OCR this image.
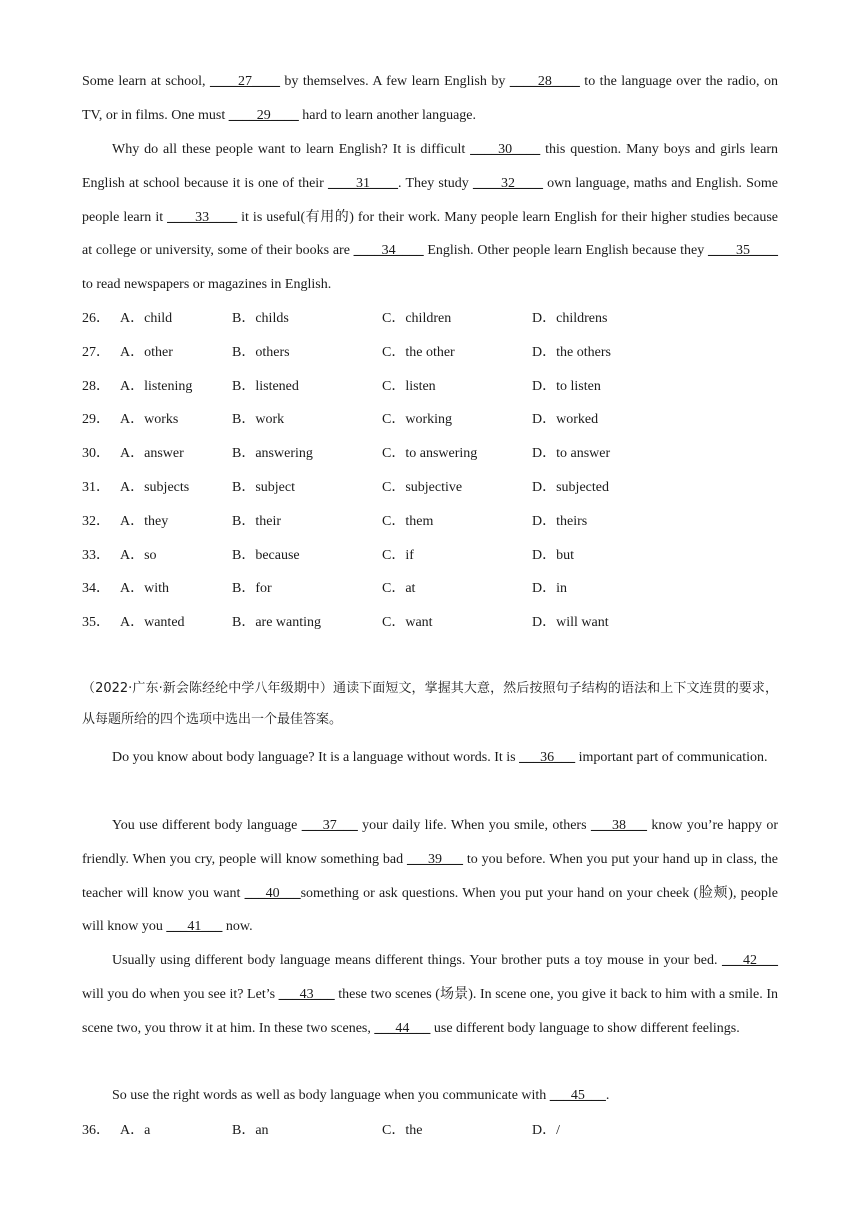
Some learn at school, ____27____ by themselves. A few learn English by ____28____ to the language over the radio, on TV, or in films. One must ____29____ hard to learn another language.

Why do all these people want to learn English? It is difficult ____30____ this question. Many boys and girls learn English at school because it is one of their ____31____. They study ____32____ own language, maths and English. Some people learn it ____33____ it is useful(有用的) for their work. Many people learn English for their higher studies because at college or university, some of their books are ____34____ English. Other people learn English because they ____35____ to read newspapers or magazines in English.

26． A．child	B．childs	C．children	D．childrens
27． A．other	B．others	C．the other	D．the others
28． A．listening	B．listened	C．listen	D．to listen
29． A．works	B．work	C．working	D．worked
30． A．answer	B．answering	C．to answering	D．to answer
31． A．subjects	B．subject	C．subjective	D．subjected
32． A．they	B．their	C．them	D．theirs
33． A．so	B．because	C．if	D．but
34． A．with	B．for	C．at	D．in
35． A．wanted	B．are wanting	C．want	D．will want

（2022·广东·新会陈经纶中学八年级期中）通读下面短文，掌握其大意，然后按照句子结构的语法和上下文连贯的要求，从每题所给的四个选项中选出一个最佳答案。

Do you know about body language? It is a language without words. It is ___36___ important part of communication.

You use different body language ___37___ your daily life. When you smile, others ___38___ know you’re happy or friendly. When you cry, people will know something bad ___39___ to you before. When you put your hand up in class, the teacher will know you want ___40___something or ask questions. When you put your hand on your cheek (脸颊), people will know you ___41___ now.

Usually using different body language means different things. Your brother puts a toy mouse in your bed. ___42___ will you do when you see it? Let’s ___43___ these two scenes (场景). In scene one, you give it back to him with a smile. In scene two, you throw it at him. In these two scenes, ___44___ use different body language to show different feelings.

So use the right words as well as body language when you communicate with ___45___.

36． A．a	B．an	C．the	D．/
